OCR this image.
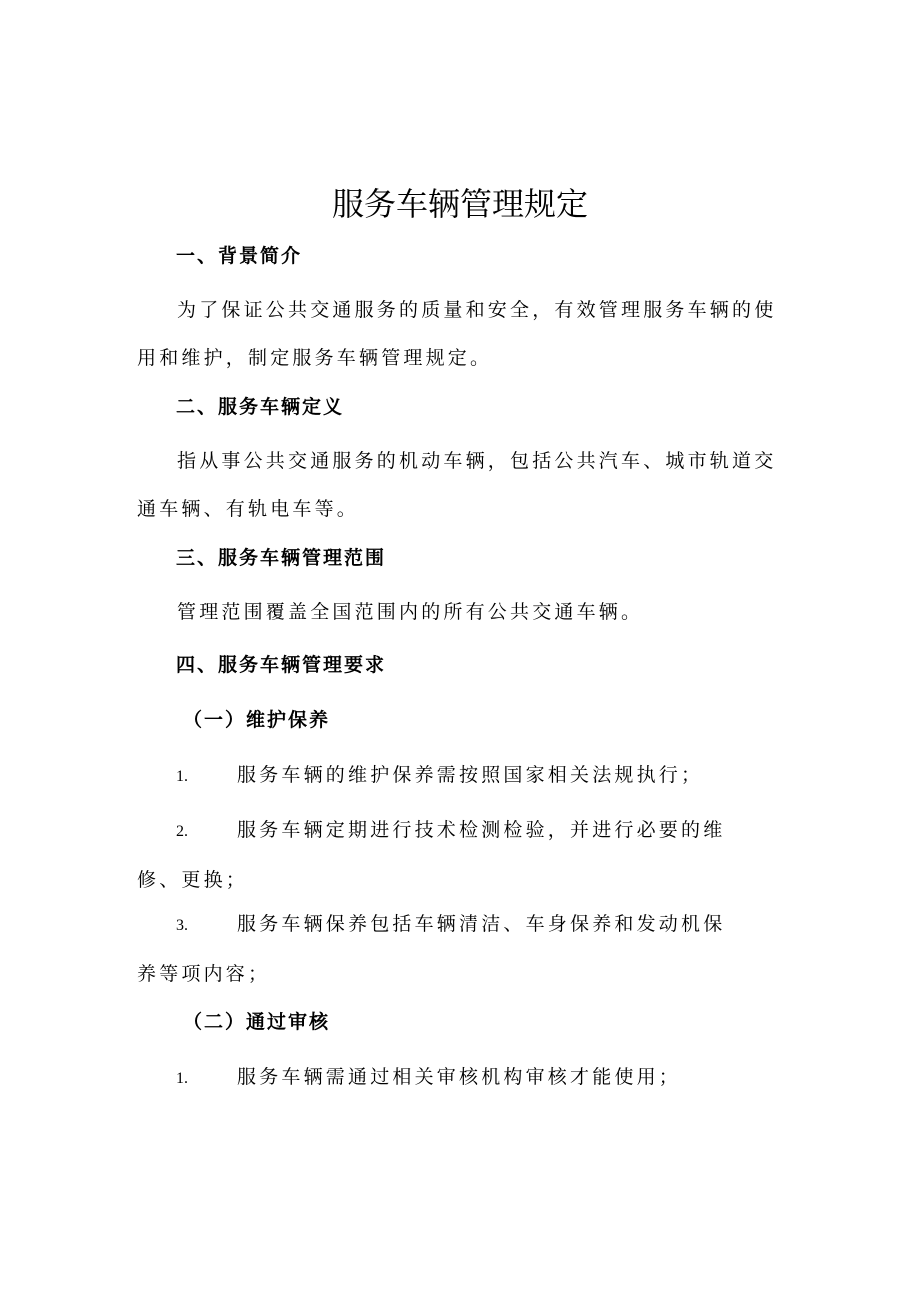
服务车辆管理规定
一、背景简介

为了保证公共交通服务的质量和安全，有效管理服务车辆的使用和维护，制定服务车辆管理规定。

二、服务车辆定义

指从事公共交通服务的机动车辆，包括公共汽车、城市轨道交通车辆、有轨电车等。

三、服务车辆管理范围

管理范围覆盖全国范围内的所有公共交通车辆。

四、服务车辆管理要求
（一）维护保养

1.	服务车辆的维护保养需按照国家相关法规执行；

2.	服务车辆定期进行技术检测检验，并进行必要的维修、更换；

3.	服务车辆保养包括车辆清洁、车身保养和发动机保养等项内容；

（二）通过审核

1.	服务车辆需通过相关审核机构审核才能使用；
